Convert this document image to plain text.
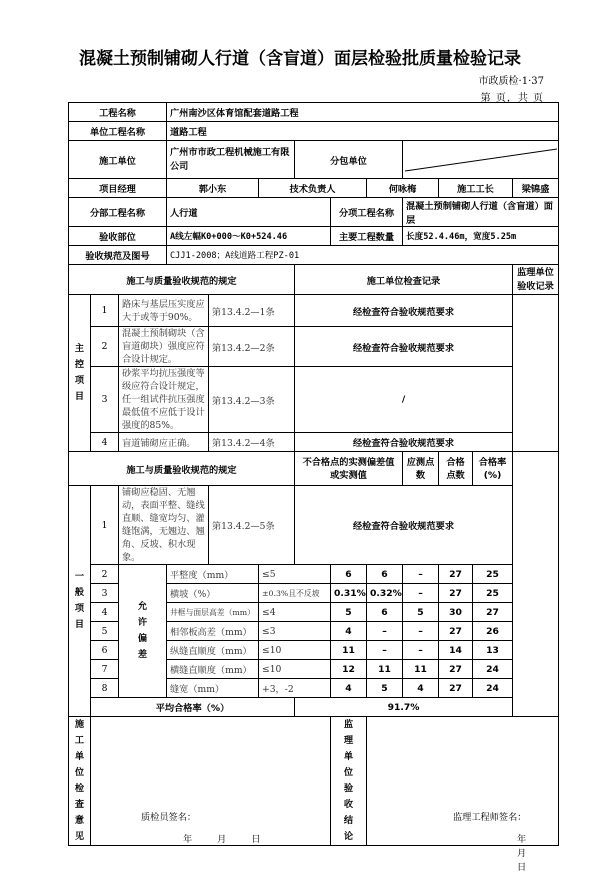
混凝土预制铺砌人行道（含盲道）面层检验批质量检验记录
市政质检·1·37
第 页，共 页
工程名称			广州南沙区体育馆配套道路工程										
单位工程名称			道路工程										
施工单位			广州市市政工程机械施工有限公司			分包单位	

项目经理			郭小东		技术负责人			何咏梅		施工工长		梁锦盛	
分部工程名称			人行道				分项工程名称		混凝土预制铺砌人行道（含盲道）面层				
验收部位			A线左幅K0+000～K0+524.46				主要工程数量		长度52.4.46m，宽度5.25m				
验收规范及图号			CJJ1-2008；A线道路工程PZ-01										
施工与质量验收规范的规定						施工单位检查记录						监理单位验收记录	
主控项目	1	路床与基层压实度应大于或等于90%。		第13.4.2—1条		经检查符合验收规范要求							
	2	混凝土预制砌块（含盲道砌块）强度应符合设计规定。		第13.4.2—2条		经检查符合验收规范要求							
	3	砂浆平均抗压强度等级应符合设计规定，任一组试件抗压强度最低值不应低于设计强度的85%。		第13.4.2—3条		/							
	4	盲道铺砌应正确。		第13.4.2—4条		经检查符合验收规范要求							
施工与质量验收规范的规定						不合格点的实测偏差值或实测值			应测点数	合格点数	合格率(%)		
一般项目	1	铺砌应稳固、无翘动，表面平整、缝线直顺、缝宽均匀、灌缝饱满，无翘边、翘角、反坡、积水现象。		第13.4.2—5条		经检查符合验收规范要求							
	2	允许偏差	平整度（mm）		≤5		6	6	–	27	25	
	3		横坡（%）		±0.3%且不反坡		0.31%	0.32%	–	27	25	
	4		井框与面层高差（mm）		≤4		5	6	5	30	27	
	5		相邻板高差（mm）		≤3		4	–	–	27	26	
	6		纵缝直顺度（mm）		≤10		11	–	–	14	13	
	7		横缝直顺度（mm）		≤10		12	11	11	27	24	
	8		缝宽（mm）		+3，-2		4	5	4	27	24	
	平均合格率（%）					91.7%							
施工单位检查意见	质检员签名：
年 月 日						监理单位验收结论	监理工程师签名：
年 月 日					
